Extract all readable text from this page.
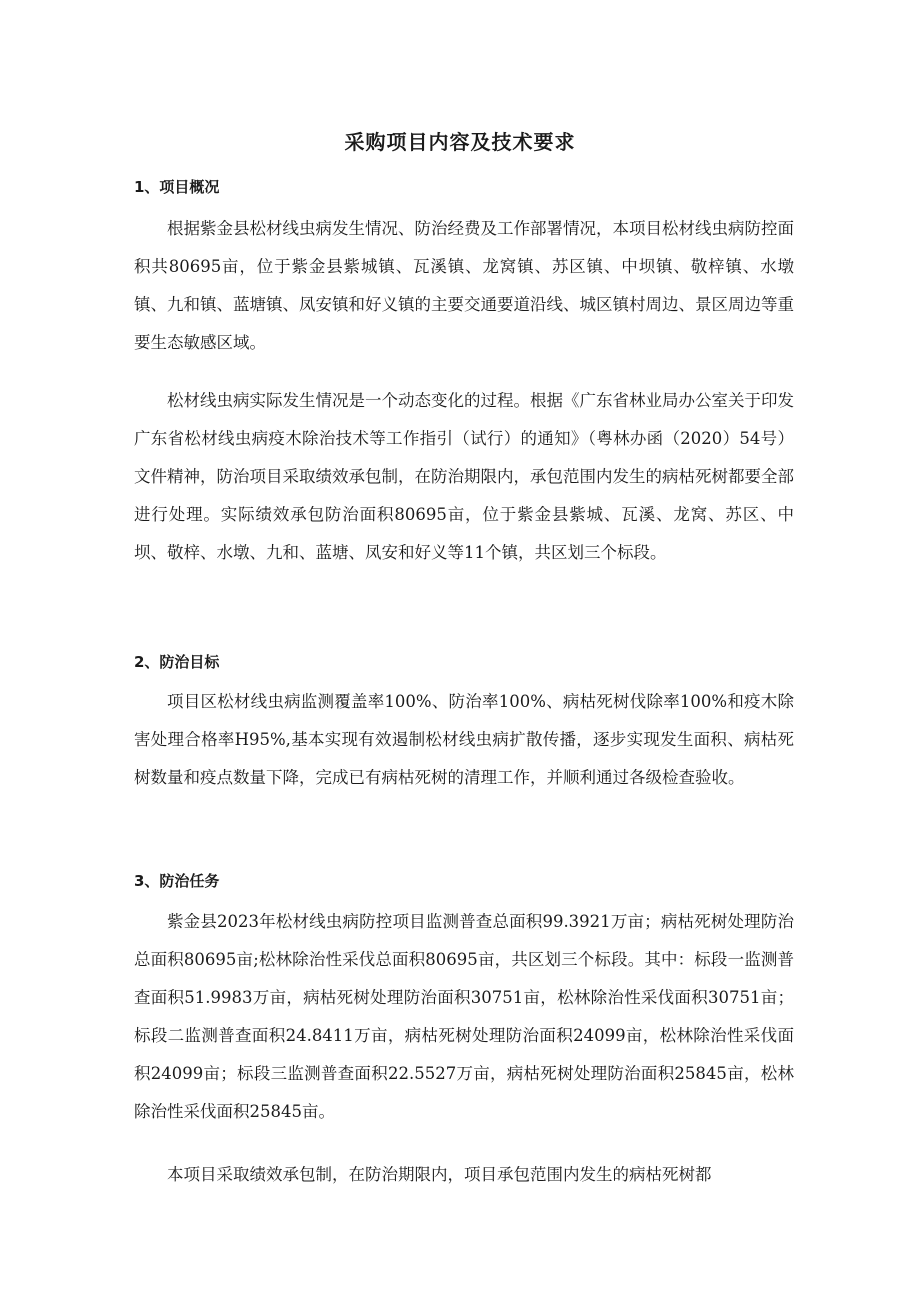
采购项目内容及技术要求
1、项目概况

根据紫金县松材线虫病发生情况、防治经费及工作部署情况，本项目松材线虫病防控面积共80695亩，位于紫金县紫城镇、瓦溪镇、龙窝镇、苏区镇、中坝镇、敬梓镇、水墩镇、九和镇、蓝塘镇、凤安镇和好义镇的主要交通要道沿线、城区镇村周边、景区周边等重要生态敏感区域。

松材线虫病实际发生情况是一个动态变化的过程。根据《广东省林业局办公室关于印发广东省松材线虫病疫木除治技术等工作指引（试行）的通知》（粤林办函（2020）54号）文件精神，防治项目采取绩效承包制，在防治期限内，承包范围内发生的病枯死树都要全部进行处理。实际绩效承包防治面积80695亩，位于紫金县紫城、瓦溪、龙窝、苏区、中坝、敬梓、水墩、九和、蓝塘、凤安和好义等11个镇，共区划三个标段。

2、防治目标

项目区松材线虫病监测覆盖率100%、防治率100%、病枯死树伐除率100%和疫木除害处理合格率H95%,基本实现有效遏制松材线虫病扩散传播，逐步实现发生面积、病枯死树数量和疫点数量下降，完成已有病枯死树的清理工作，并顺利通过各级检查验收。

3、防治任务

紫金县2023年松材线虫病防控项目监测普查总面积99.3921万亩；病枯死树处理防治总面积80695亩;松林除治性采伐总面积80695亩，共区划三个标段。其中：标段一监测普查面积51.9983万亩，病枯死树处理防治面积30751亩，松林除治性采伐面积30751亩；标段二监测普查面积24.8411万亩，病枯死树处理防治面积24099亩，松林除治性采伐面积24099亩；标段三监测普查面积22.5527万亩，病枯死树处理防治面积25845亩，松林除治性采伐面积25845亩。

本项目采取绩效承包制，在防治期限内，项目承包范围内发生的病枯死树都
